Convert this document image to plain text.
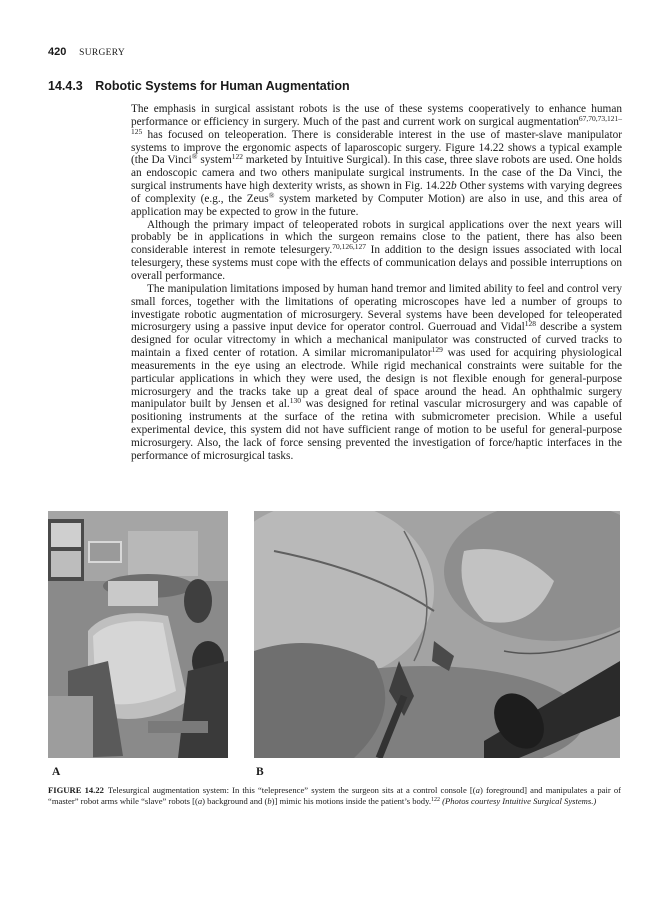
420 SURGERY
14.4.3 Robotic Systems for Human Augmentation

The emphasis in surgical assistant robots is the use of these systems cooperatively to enhance human performance or efficiency in surgery. Much of the past and current work on surgical augmentation$^{67,70,73,121-125}$ has focused on teleoperation. There is considerable interest in the use of master-slave manipulator systems to improve the ergonomic aspects of laparoscopic surgery. Figure 14.22 shows a typical example (the Da Vinci® system$^{122}$ marketed by Intuitive Surgical). In this case, three slave robots are used. One holds an endoscopic camera and two others manipulate surgical instruments. In the case of the Da Vinci, the surgical instruments have high dexterity wrists, as shown in Fig. 14.22b Other systems with varying degrees of complexity (e.g., the Zeus® system marketed by Computer Motion) are also in use, and this area of application may be expected to grow in the future.

Although the primary impact of teleoperated robots in surgical applications over the next years will probably be in applications in which the surgeon remains close to the patient, there has also been considerable interest in remote telesurgery.$^{70,126,127}$ In addition to the design issues associated with local telesurgery, these systems must cope with the effects of communication delays and possible interruptions on overall performance.

The manipulation limitations imposed by human hand tremor and limited ability to feel and control very small forces, together with the limitations of operating microscopes have led a number of groups to investigate robotic augmentation of microsurgery. Several systems have been developed for teleoperated microsurgery using a passive input device for operator control. Guerrouad and Vidal$^{128}$ describe a system designed for ocular vitrectomy in which a mechanical manipulator was constructed of curved tracks to maintain a fixed center of rotation. A similar micromanipulator$^{129}$ was used for acquiring physiological measurements in the eye using an electrode. While rigid mechanical constraints were suitable for the particular applications in which they were used, the design is not flexible enough for general-purpose microsurgery and the tracks take up a great deal of space around the head. An ophthalmic surgery manipulator built by Jensen et al.$^{130}$ was designed for retinal vascular microsurgery and was capable of positioning instruments at the surface of the retina with submicrometer precision. While a useful experimental device, this system did not have sufficient range of motion to be useful for general-purpose microsurgery. Also, the lack of force sensing prevented the investigation of force/haptic interfaces in the performance of microsurgical tasks.

A	B
FIGURE 14.22 Telesurgical augmentation system: In this “telepresence” system the surgeon sits at a control console [(a) foreground] and manipulates a pair of “master” robot arms while “slave” robots [(a) background and (b)] mimic his motions inside the patient’s body.$^{122}$ (Photos courtesy Intuitive Surgical Systems.)
